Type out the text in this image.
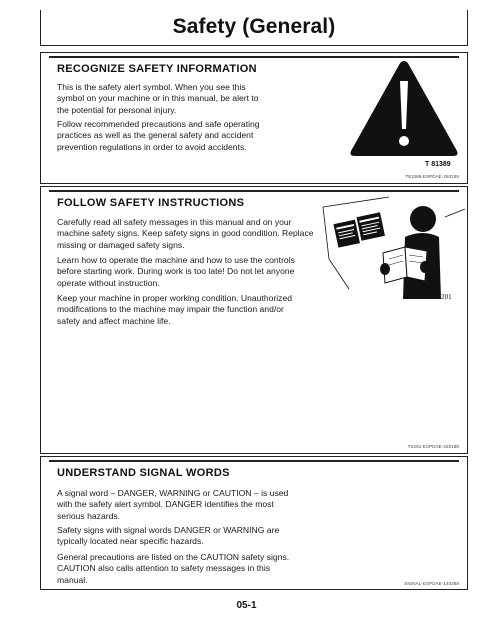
Safety (General)
RECOGNIZE SAFETY INFORMATION

This is the safety alert symbol. When you see this symbol on your machine or in this manual, be alert to the potential for personal injury.

Follow recommended precautions and safe operating practices as well as the general safety and accident prevention regulations in order to avoid accidents.

T 81389
T81389-ESPDAE-260188
FOLLOW SAFETY INSTRUCTIONS

Carefully read all safety messages in this manual and on your machine safety signs. Keep safety signs in good condition. Replace missing or damaged safety signs.

Learn how to operate the machine and how to use the controls before starting work. During work is too late! Do not let anyone operate without instruction.

Keep your machine in proper working condition. Unauthorized modifications to the machine may impair the function and/or safety and affect machine life.

TS201
TS201-ESPDAE-260188
UNDERSTAND SIGNAL WORDS

A signal word – DANGER, WARNING or CAUTION – is used with the safety alert symbol. DANGER identifies the most serious hazards.

Safety signs with signal words DANGER or WARNING are typically located near specific hazards.

General precautions are listed on the CAUTION safety signs. CAUTION also calls attention to safety messages in this manual.	SIGNAL-ESPDAE-140388
05-1
